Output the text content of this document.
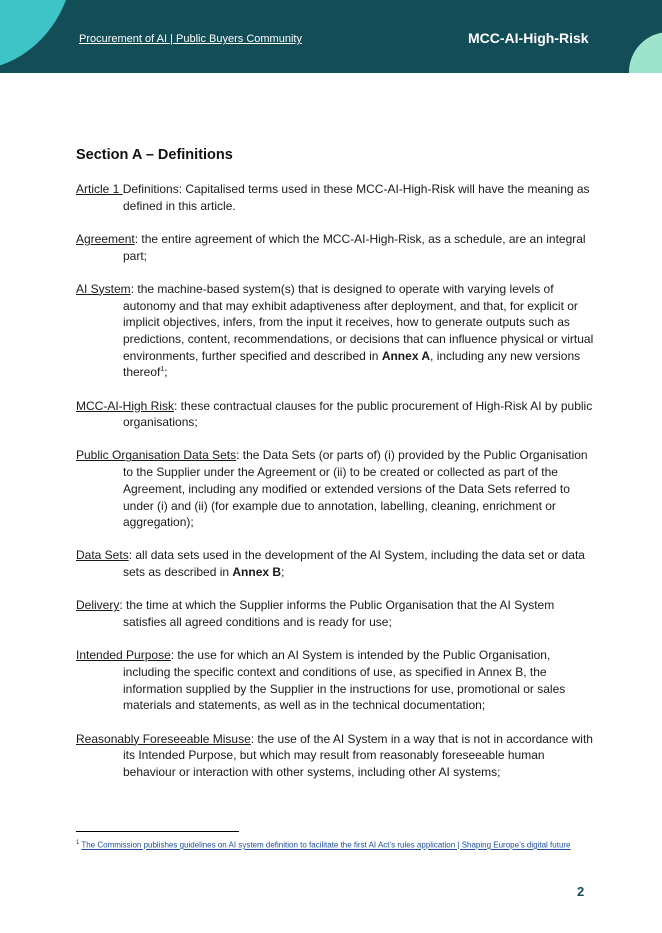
Procurement of AI | Public Buyers Community	MCC-AI-High-Risk
Section A – Definitions

Article 1 Definitions: Capitalised terms used in these MCC-AI-High-Risk will have the meaning as defined in this article.

Agreement: the entire agreement of which the MCC-AI-High-Risk, as a schedule, are an integral part;

AI System: the machine-based system(s) that is designed to operate with varying levels of autonomy and that may exhibit adaptiveness after deployment, and that, for explicit or implicit objectives, infers, from the input it receives, how to generate outputs such as predictions, content, recommendations, or decisions that can influence physical or virtual environments, further specified and described in Annex A, including any new versions thereof$^1$;

MCC-AI-High Risk: these contractual clauses for the public procurement of High-Risk AI by public organisations;

Public Organisation Data Sets: the Data Sets (or parts of) (i) provided by the Public Organisation to the Supplier under the Agreement or (ii) to be created or collected as part of the Agreement, including any modified or extended versions of the Data Sets referred to under (i) and (ii) (for example due to annotation, labelling, cleaning, enrichment or aggregation);

Data Sets: all data sets used in the development of the AI System, including the data set or data sets as described in Annex B;

Delivery: the time at which the Supplier informs the Public Organisation that the AI System satisfies all agreed conditions and is ready for use;

Intended Purpose: the use for which an AI System is intended by the Public Organisation, including the specific context and conditions of use, as specified in Annex B, the information supplied by the Supplier in the instructions for use, promotional or sales materials and statements, as well as in the technical documentation;

Reasonably Foreseeable Misuse: the use of the AI System in a way that is not in accordance with its Intended Purpose, but which may result from reasonably foreseeable human behaviour or interaction with other systems, including other AI systems;

$^1$ The Commission publishes guidelines on AI system definition to facilitate the first AI Act’s rules application | Shaping Europe’s digital future
2
